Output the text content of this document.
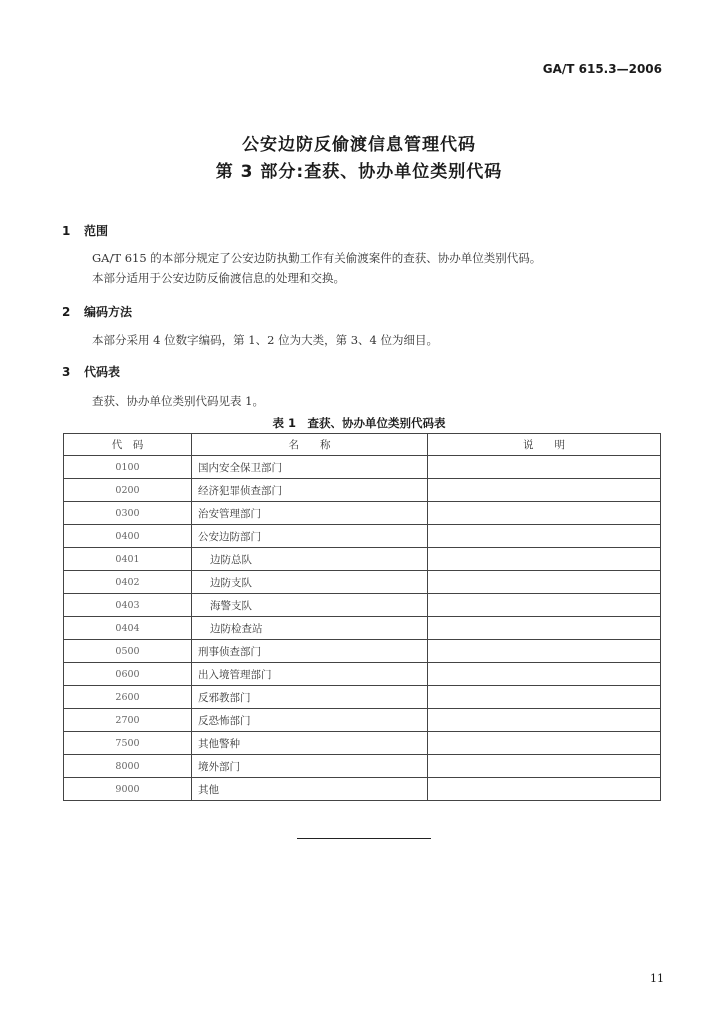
GA/T 615.3—2006
公安边防反偷渡信息管理代码
第 3 部分:查获、协办单位类别代码
1 范围
GA/T 615 的本部分规定了公安边防执勤工作有关偷渡案件的查获、协办单位类别代码。
本部分适用于公安边防反偷渡信息的处理和交换。
2 编码方法
本部分采用 4 位数字编码，第 1、2 位为大类，第 3、4 位为细目。
3 代码表
查获、协办单位类别代码见表 1。
表 1　查获、协办单位类别代码表
代　码	名　　称	说　　明
0100	国内安全保卫部门	
0200	经济犯罪侦查部门	
0300	治安管理部门	
0400	公安边防部门	
0401	边防总队	
0402	边防支队	
0403	海警支队	
0404	边防检查站	
0500	刑事侦查部门	
0600	出入境管理部门	
2600	反邪教部门	
2700	反恐怖部门	
7500	其他警种	
8000	境外部门	
9000	其他	
11
